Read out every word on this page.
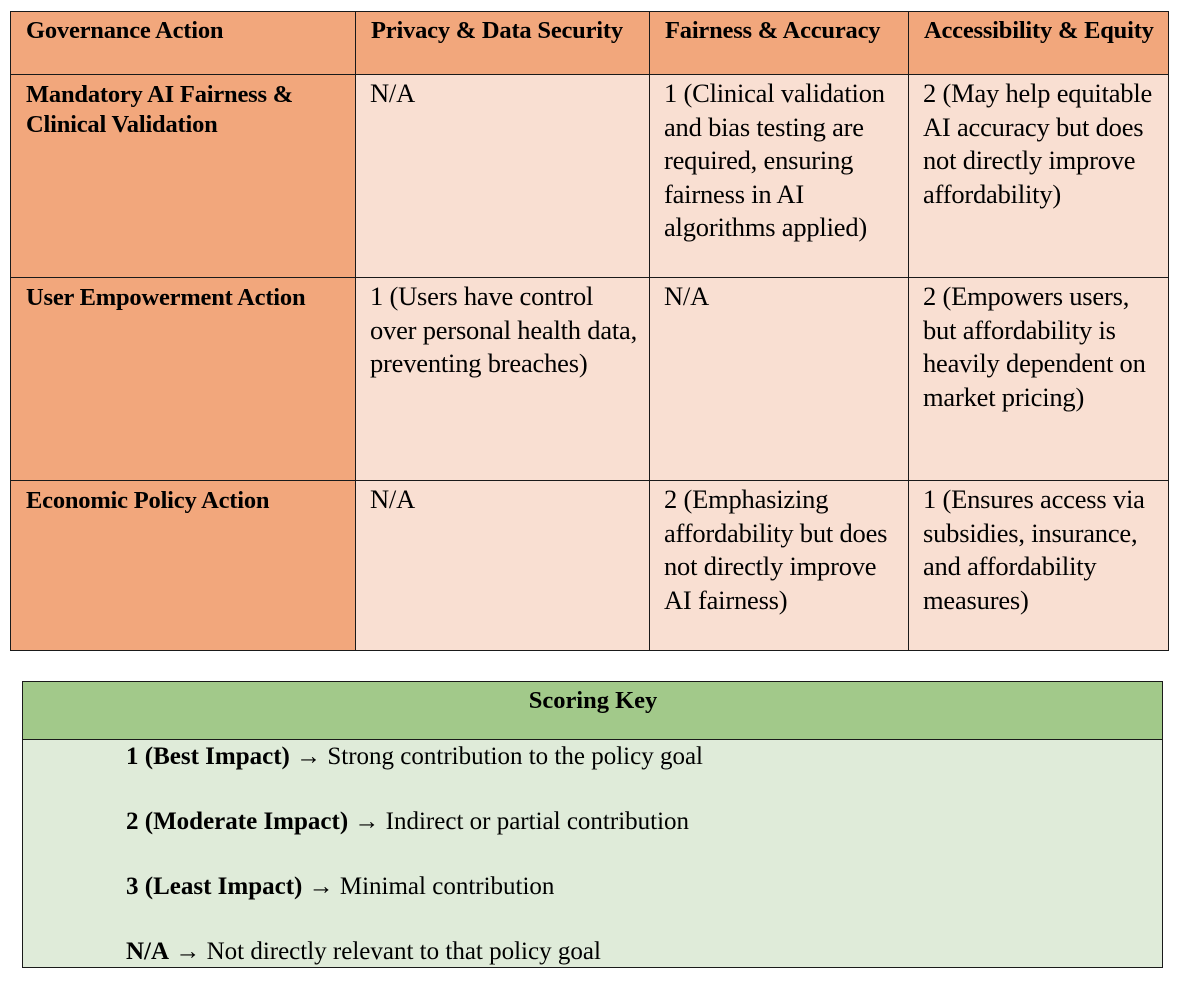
Governance Action	Privacy & Data Security	Fairness & Accuracy	Accessibility & Equity
Mandatory AI Fairness & Clinical Validation	N/A	1 (Clinical validation and bias testing are required, ensuring fairness in AI algorithms applied)	2 (May help equitable AI accuracy but does not directly improve affordability)
User Empowerment Action	1 (Users have control over personal health data, preventing breaches)	N/A	2 (Empowers users, but affordability is heavily dependent on market pricing)
Economic Policy Action	N/A	2 (Emphasizing affordability but does not directly improve AI fairness)	1 (Ensures access via subsidies, insurance, and affordability measures)
Scoring Key

1 (Best Impact) → Strong contribution to the policy goal
2 (Moderate Impact) → Indirect or partial contribution
3 (Least Impact) → Minimal contribution
N/A → Not directly relevant to that policy goal
